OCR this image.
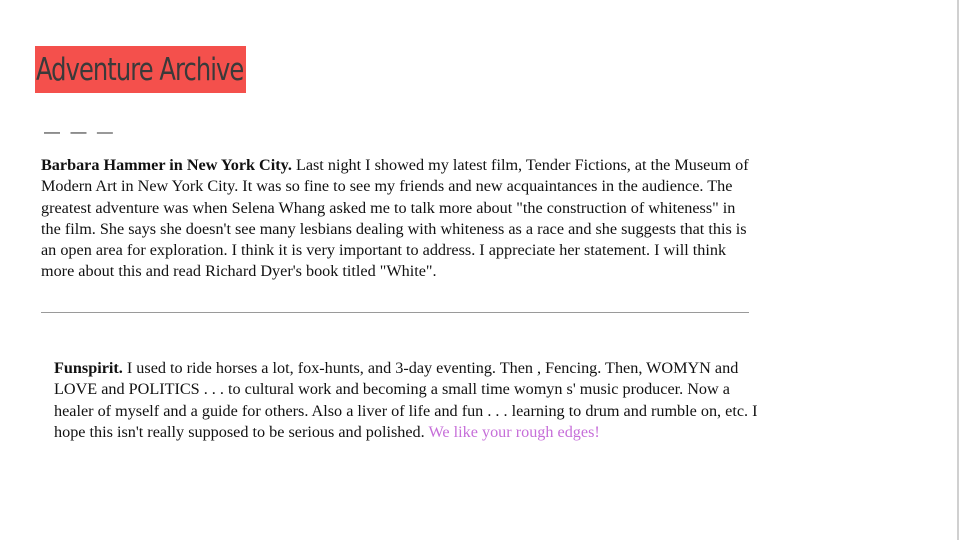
Adventure Archive
— — —
Barbara Hammer in New York City. Last night I showed my latest film, Tender Fictions, at the Museum of Modern Art in New York City. It was so fine to see my friends and new acquaintances in the audience. The greatest adventure was when Selena Whang asked me to talk more about "the construction of whiteness" in the film. She says she doesn't see many lesbians dealing with whiteness as a race and she suggests that this is an open area for exploration. I think it is very important to address. I appreciate her statement. I will think more about this and read Richard Dyer's book titled "White".
Funspirit. I used to ride horses a lot, fox-hunts, and 3-day eventing. Then , Fencing. Then, WOMYN and LOVE and POLITICS . . . to cultural work and becoming a small time womyn s' music producer. Now a healer of myself and a guide for others. Also a liver of life and fun . . . learning to drum and rumble on, etc. I hope this isn't really supposed to be serious and polished. We like your rough edges!
